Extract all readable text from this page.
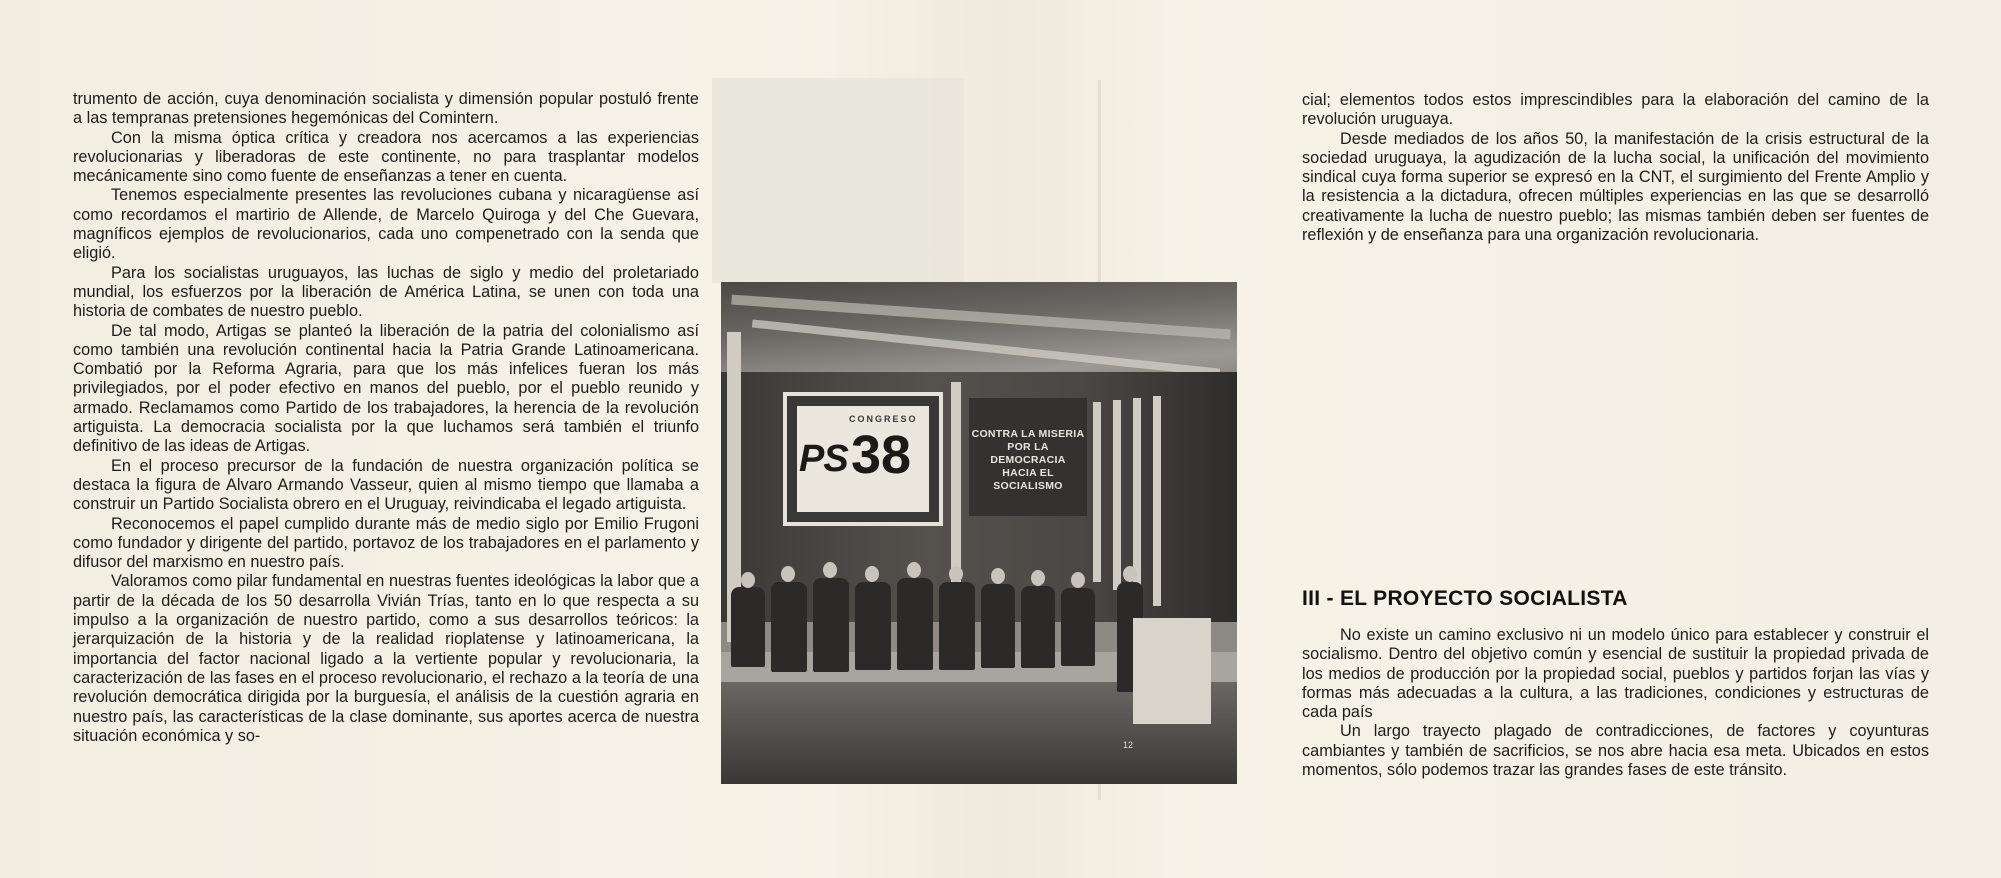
trumento de acción, cuya denominación socialista y dimensión popular postuló frente a las tempranas pretensiones hegemónicas del Comintern.

Con la misma óptica crítica y creadora nos acercamos a las experiencias revolucionarias y liberadoras de este continente, no para trasplantar modelos mecánicamente sino como fuente de enseñanzas a tener en cuenta.

Tenemos especialmente presentes las revoluciones cubana y nicaragüense así como recordamos el martirio de Allende, de Marcelo Quiroga y del Che Guevara, magníficos ejemplos de revolucionarios, cada uno compenetrado con la senda que eligió.

Para los socialistas uruguayos, las luchas de siglo y medio del proletariado mundial, los esfuerzos por la liberación de América Latina, se unen con toda una historia de combates de nuestro pueblo.

De tal modo, Artigas se planteó la liberación de la patria del colonialismo así como también una revolución continental hacia la Patria Grande Latinoamericana. Combatió por la Reforma Agraria, para que los más infelices fueran los más privilegiados, por el poder efectivo en manos del pueblo, por el pueblo reunido y armado. Reclamamos como Partido de los trabajadores, la herencia de la revolución artiguista. La democracia socialista por la que luchamos será también el triunfo definitivo de las ideas de Artigas.

En el proceso precursor de la fundación de nuestra organización política se destaca la figura de Alvaro Armando Vasseur, quien al mismo tiempo que llamaba a construir un Partido Socialista obrero en el Uruguay, reivindicaba el legado artiguista.

Reconocemos el papel cumplido durante más de medio siglo por Emilio Frugoni como fundador y dirigente del partido, portavoz de los trabajadores en el parlamento y difusor del marxismo en nuestro país.

Valoramos como pilar fundamental en nuestras fuentes ideológicas la labor que a partir de la década de los 50 desarrolla Vivián Trías, tanto en lo que respecta a su impulso a la organización de nuestro partido, como a sus desarrollos teóricos: la jerarquización de la historia y de la realidad rioplatense y latinoamericana, la importancia del factor nacional ligado a la vertiente popular y revolucionaria, la caracterización de las fases en el proceso revolucionario, el rechazo a la teoría de una revolución democrática dirigida por la burguesía, el análisis de la cuestión agraria en nuestro país, las características de la clase dominante, sus aportes acerca de nuestra situación económica y so-

CONGRESO
PS 38	CONTRA LA MISERIA
POR LA DEMOCRACIA
HACIA EL SOCIALISMO
12

cial; elementos todos estos imprescindibles para la elaboración del camino de la revolución uruguaya.

Desde mediados de los años 50, la manifestación de la crisis estructural de la sociedad uruguaya, la agudización de la lucha social, la unificación del movimiento sindical cuya forma superior se expresó en la CNT, el surgimiento del Frente Amplio y la resistencia a la dictadura, ofrecen múltiples experiencias en las que se desarrolló creativamente la lucha de nuestro pueblo; las mismas también deben ser fuentes de reflexión y de enseñanza para una organización revolucionaria.

III - EL PROYECTO SOCIALISTA

No existe un camino exclusivo ni un modelo único para establecer y construir el socialismo. Dentro del objetivo común y esencial de sustituir la propiedad privada de los medios de producción por la propiedad social, pueblos y partidos forjan las vías y formas más adecuadas a la cultura, a las tradiciones, condiciones y estructuras de cada país

Un largo trayecto plagado de contradicciones, de factores y coyunturas cambiantes y también de sacrificios, se nos abre hacia esa meta. Ubicados en estos momentos, sólo podemos trazar las grandes fases de este tránsito.
